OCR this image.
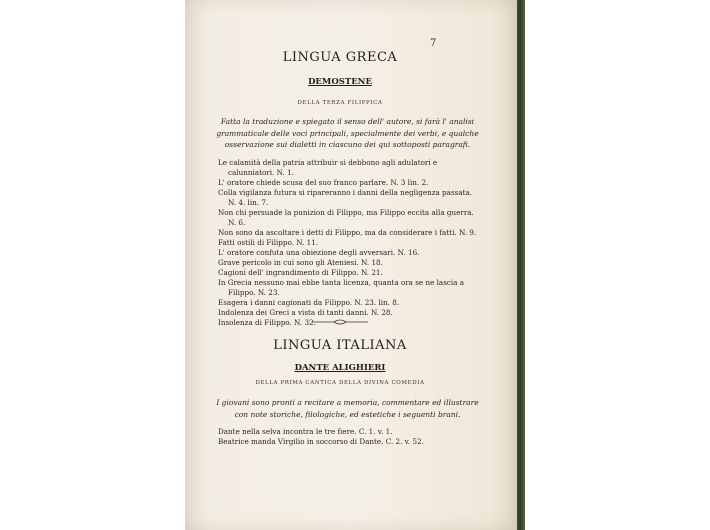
7
LINGUA GRECA
DEMOSTENE
DELLA TERZA FILIPPICA
Fatta la traduzione e spiegato il senso dell' autore, si farà l' analisi grammaticale delle voci principali, specialmente dei verbi, e qualche osservazione sui dialetti in ciascuno dei qui sottoposti paragrafi.
Le calamità della patria attribuir si debbono agli adulatori e calunniatori. N. 1.
L' oratore chiede scusa del suo franco parlare. N. 3 lin. 2.
Colla vigilanza futura si ripareranno i danni della negligenza passata. N. 4. lin. 7.
Non chi persuade la punizion di Filippo, ma Filippo eccita alla guerra. N. 6.
Non sono da ascoltare i detti di Filippo, ma da considerare i fatti. N. 9.
Fatti ostili di Filippo. N. 11.
L' oratore confuta una obiezione degli avversari. N. 16.
Grave pericolo in cui sono gli Ateniesi. N. 18.
Cagioni dell' ingrandimento di Filippo. N. 21.
In Grecia nessuno mai ebbe tanta licenza, quanta ora se ne lascia a Filippo. N. 23.
Esagera i danni cagionati da Filippo. N. 23. lin. 8.
Indolenza dei Greci a vista di tanti danni. N. 28.
Insolenza di Filippo. N. 32.
LINGUA ITALIANA
DANTE ALIGHIERI
DELLA PRIMA CANTICA DELLA DIVINA COMEDIA
I giovani sono pronti a recitare a memoria, commentare ed illustrare con note storiche, filologiche, ed estetiche i seguenti brani.
Dante nella selva incontra le tre fiere. C. 1. v. 1.
Beatrice manda Virgilio in soccorso di Dante. C. 2. v. 52.
